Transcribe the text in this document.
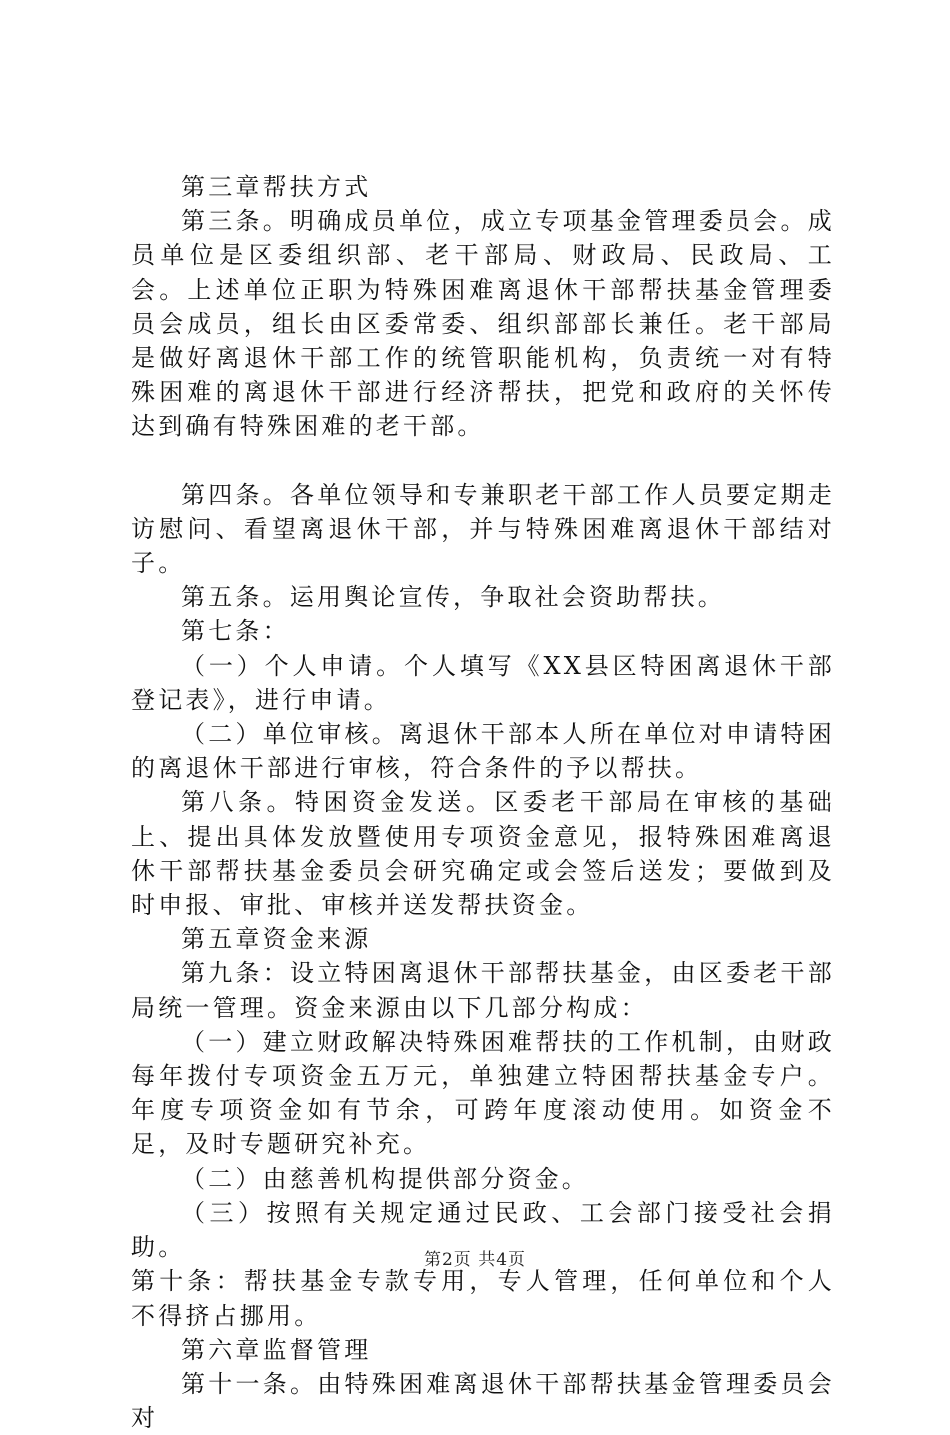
第三章帮扶方式

第三条。明确成员单位，成立专项基金管理委员会。成员单位是区委组织部、老干部局、财政局、民政局、工会。上述单位正职为特殊困难离退休干部帮扶基金管理委员会成员，组长由区委常委、组织部部长兼任。老干部局是做好离退休干部工作的统管职能机构，负责统一对有特殊困难的离退休干部进行经济帮扶，把党和政府的关怀传达到确有特殊困难的老干部。

第四条。各单位领导和专兼职老干部工作人员要定期走访慰问、看望离退休干部，并与特殊困难离退休干部结对子。

第五条。运用舆论宣传，争取社会资助帮扶。

第七条：

（一）个人申请。个人填写《XX县区特困离退休干部登记表》，进行申请。

（二）单位审核。离退休干部本人所在单位对申请特困的离退休干部进行审核，符合条件的予以帮扶。

第八条。特困资金发送。区委老干部局在审核的基础上、提出具体发放暨使用专项资金意见，报特殊困难离退休干部帮扶基金委员会研究确定或会签后送发；要做到及时申报、审批、审核并送发帮扶资金。

第五章资金来源

第九条：设立特困离退休干部帮扶基金，由区委老干部局统一管理。资金来源由以下几部分构成：

（一）建立财政解决特殊困难帮扶的工作机制，由财政每年拨付专项资金五万元，单独建立特困帮扶基金专户。年度专项资金如有节余，可跨年度滚动使用。如资金不足，及时专题研究补充。

（二）由慈善机构提供部分资金。

（三）按照有关规定通过民政、工会部门接受社会捐助。

第十条：帮扶基金专款专用，专人管理，任何单位和个人不得挤占挪用。

第六章监督管理

第十一条。由特殊困难离退休干部帮扶基金管理委员会对

第2页 共4页
